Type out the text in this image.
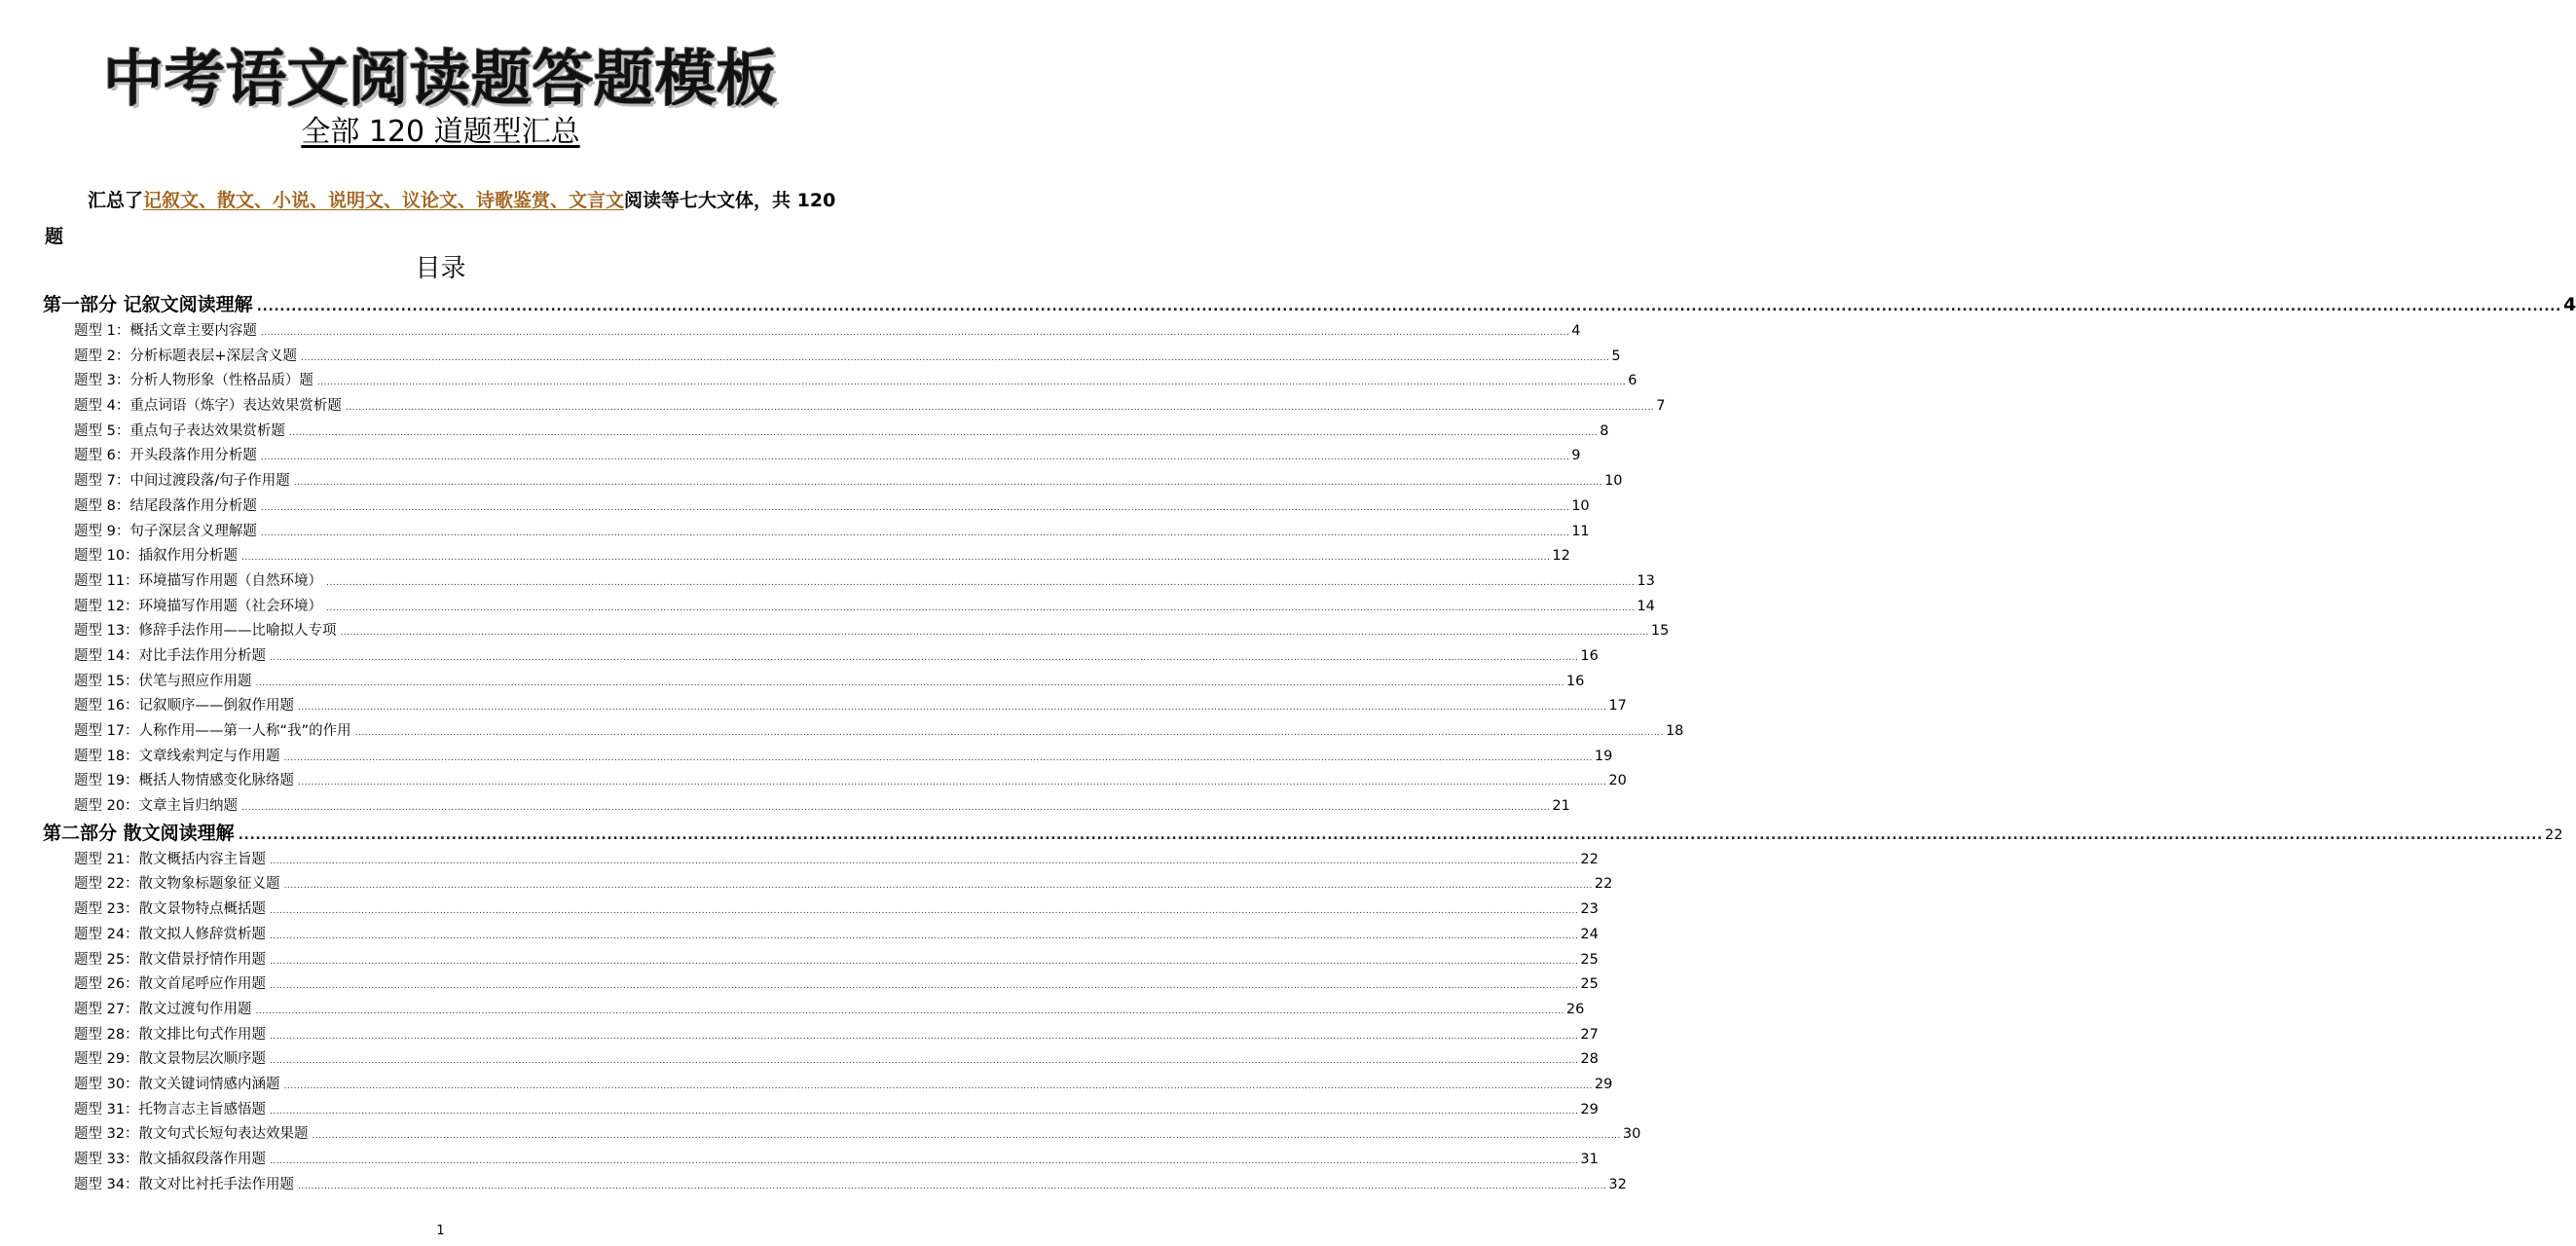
中考语文阅读题答题模板
全部 120 道题型汇总
汇总了记叙文、散文、小说、说明文、议论文、诗歌鉴赏、文言文阅读等七大文体，共 120 题
目录
第一部分 记叙文阅读理解 ................................................................................................................................................................................................................................................................................................................................................................................................................ 4
题型 1：概括文章主要内容题 ................................................................................................................................................................................................................................................................................................................................................................................................................ 4
题型 2：分析标题表层+深层含义题 ................................................................................................................................................................................................................................................................................................................................................................................................................ 5
题型 3：分析人物形象（性格品质）题 ................................................................................................................................................................................................................................................................................................................................................................................................................ 6
题型 4：重点词语（炼字）表达效果赏析题 ................................................................................................................................................................................................................................................................................................................................................................................................................ 7
题型 5：重点句子表达效果赏析题 ................................................................................................................................................................................................................................................................................................................................................................................................................ 8
题型 6：开头段落作用分析题 ................................................................................................................................................................................................................................................................................................................................................................................................................ 9
题型 7：中间过渡段落/句子作用题 ................................................................................................................................................................................................................................................................................................................................................................................................................ 10
题型 8：结尾段落作用分析题 ................................................................................................................................................................................................................................................................................................................................................................................................................ 10
题型 9：句子深层含义理解题 ................................................................................................................................................................................................................................................................................................................................................................................................................ 11
题型 10：插叙作用分析题 ................................................................................................................................................................................................................................................................................................................................................................................................................ 12
题型 11：环境描写作用题（自然环境） ................................................................................................................................................................................................................................................................................................................................................................................................................ 13
题型 12：环境描写作用题（社会环境） ................................................................................................................................................................................................................................................................................................................................................................................................................ 14
题型 13：修辞手法作用——比喻拟人专项 ................................................................................................................................................................................................................................................................................................................................................................................................................ 15
题型 14：对比手法作用分析题 ................................................................................................................................................................................................................................................................................................................................................................................................................ 16
题型 15：伏笔与照应作用题 ................................................................................................................................................................................................................................................................................................................................................................................................................ 16
题型 16：记叙顺序——倒叙作用题 ................................................................................................................................................................................................................................................................................................................................................................................................................ 17
题型 17：人称作用——第一人称“我”的作用 ................................................................................................................................................................................................................................................................................................................................................................................................................ 18
题型 18：文章线索判定与作用题 ................................................................................................................................................................................................................................................................................................................................................................................................................ 19
题型 19：概括人物情感变化脉络题 ................................................................................................................................................................................................................................................................................................................................................................................................................ 20
题型 20：文章主旨归纳题 ................................................................................................................................................................................................................................................................................................................................................................................................................ 21
第二部分 散文阅读理解 ................................................................................................................................................................................................................................................................................................................................................................................................................ 22
题型 21：散文概括内容主旨题 ................................................................................................................................................................................................................................................................................................................................................................................................................ 22
题型 22：散文物象标题象征义题 ................................................................................................................................................................................................................................................................................................................................................................................................................ 22
题型 23：散文景物特点概括题 ................................................................................................................................................................................................................................................................................................................................................................................................................ 23
题型 24：散文拟人修辞赏析题 ................................................................................................................................................................................................................................................................................................................................................................................................................ 24
题型 25：散文借景抒情作用题 ................................................................................................................................................................................................................................................................................................................................................................................................................ 25
题型 26：散文首尾呼应作用题 ................................................................................................................................................................................................................................................................................................................................................................................................................ 25
题型 27：散文过渡句作用题 ................................................................................................................................................................................................................................................................................................................................................................................................................ 26
题型 28：散文排比句式作用题 ................................................................................................................................................................................................................................................................................................................................................................................................................ 27
题型 29：散文景物层次顺序题 ................................................................................................................................................................................................................................................................................................................................................................................................................ 28
题型 30：散文关键词情感内涵题 ................................................................................................................................................................................................................................................................................................................................................................................................................ 29
题型 31：托物言志主旨感悟题 ................................................................................................................................................................................................................................................................................................................................................................................................................ 29
题型 32：散文句式长短句表达效果题 ................................................................................................................................................................................................................................................................................................................................................................................................................ 30
题型 33：散文插叙段落作用题 ................................................................................................................................................................................................................................................................................................................................................................................................................ 31
题型 34：散文对比衬托手法作用题 ................................................................................................................................................................................................................................................................................................................................................................................................................ 32
1
